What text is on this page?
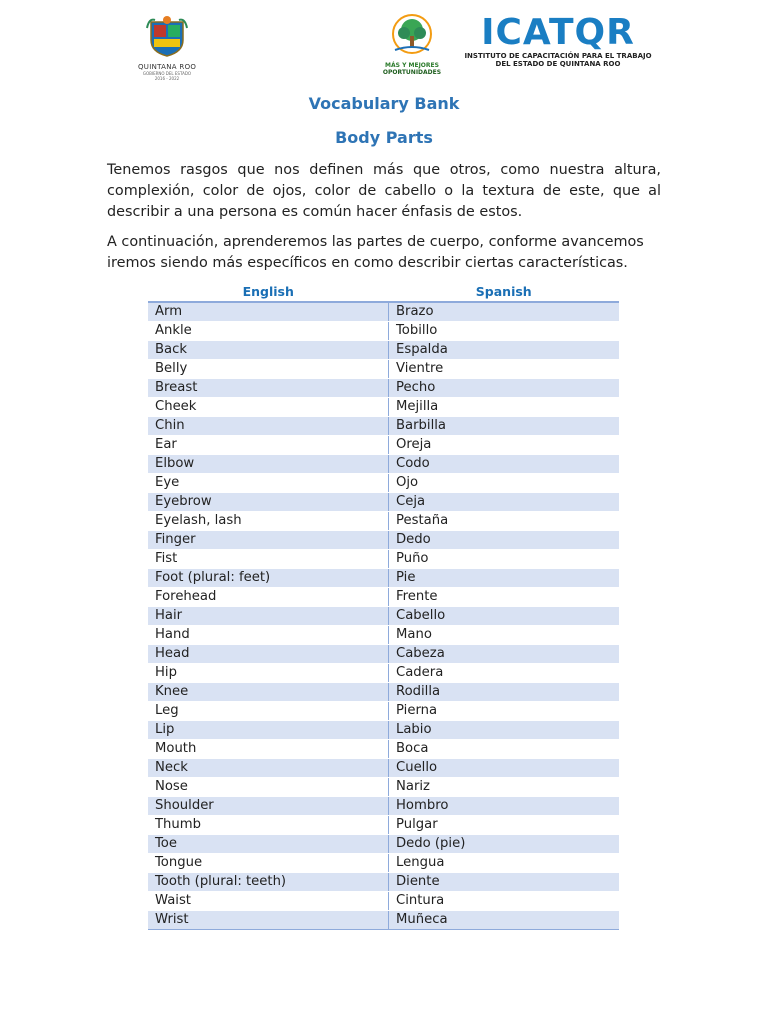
QUINTANA ROO
GOBIERNO DEL ESTADO
2016 - 2022
MÁS Y MEJORES
OPORTUNIDADES
ICATQR
INSTITUTO DE CAPACITACIÓN PARA EL TRABAJO
DEL ESTADO DE QUINTANA ROO
Vocabulary Bank
Body Parts
Tenemos rasgos que nos definen más que otros, como nuestra altura, complexión, color de ojos, color de cabello o la textura de este, que al describir a una persona es común hacer énfasis de estos.
A continuación, aprenderemos las partes de cuerpo, conforme avancemos iremos siendo más específicos en como describir ciertas características.
English	Spanish
Arm	Brazo
Ankle	Tobillo
Back	Espalda
Belly	Vientre
Breast	Pecho
Cheek	Mejilla
Chin	Barbilla
Ear	Oreja
Elbow	Codo
Eye	Ojo
Eyebrow	Ceja
Eyelash, lash	Pestaña
Finger	Dedo
Fist	Puño
Foot (plural: feet)	Pie
Forehead	Frente
Hair	Cabello
Hand	Mano
Head	Cabeza
Hip	Cadera
Knee	Rodilla
Leg	Pierna
Lip	Labio
Mouth	Boca
Neck	Cuello
Nose	Nariz
Shoulder	Hombro
Thumb	Pulgar
Toe	Dedo (pie)
Tongue	Lengua
Tooth (plural: teeth)	Diente
Waist	Cintura
Wrist	Muñeca
